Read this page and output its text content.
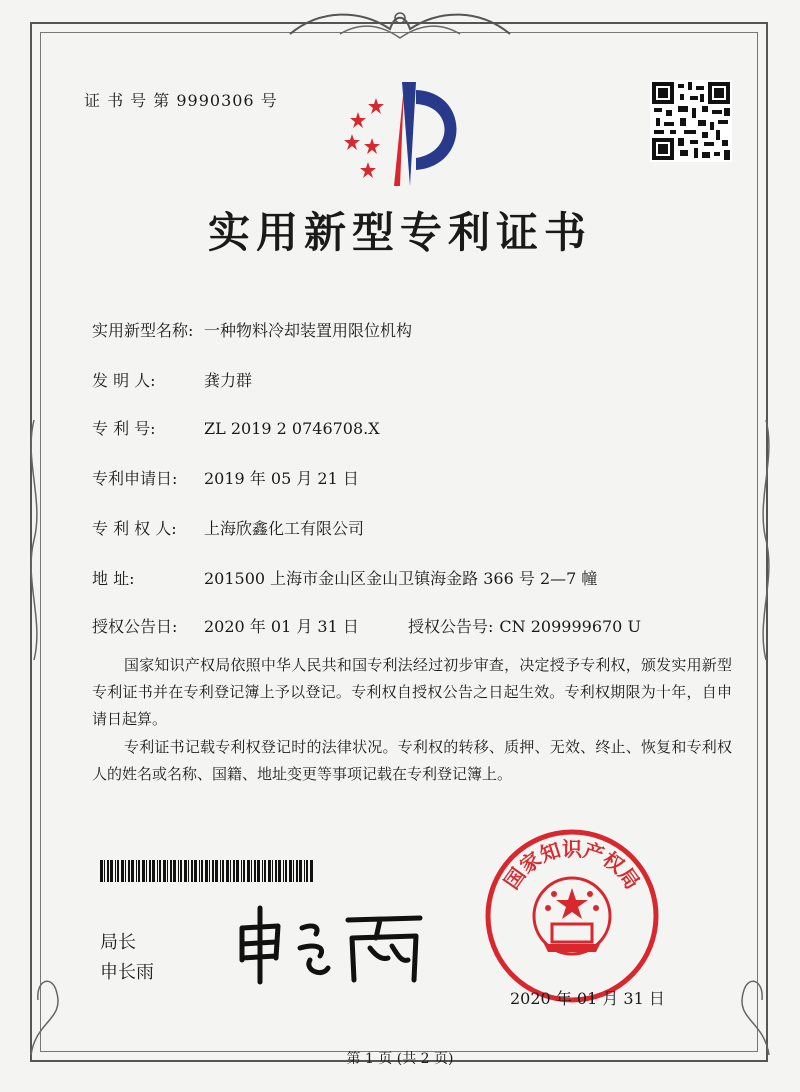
证 书 号 第 9990306 号
实用新型专利证书
实用新型名称: 一种物料冷却装置用限位机构
发 明 人:	龚力群
专 利 号:	ZL 2019 2 0746708.X
专利申请日: 2019 年 05 月 21 日
专 利 权 人: 上海欣鑫化工有限公司
地 址:	201500 上海市金山区金山卫镇海金路 366 号 2—7 幢
授权公告日: 2020 年 01 月 31 日	授权公告号: CN 209999670 U
国家知识产权局依照中华人民共和国专利法经过初步审查，决定授予专利权，颁发实用新型专利证书并在专利登记簿上予以登记。专利权自授权公告之日起生效。专利权期限为十年，自申请日起算。
专利证书记载专利权登记时的法律状况。专利权的转移、质押、无效、终止、恢复和专利权人的姓名或名称、国籍、地址变更等事项记载在专利登记簿上。
局长
申长雨
国家知识产权局
2020 年 01 月 31 日
第 1 页 (共 2 页)
